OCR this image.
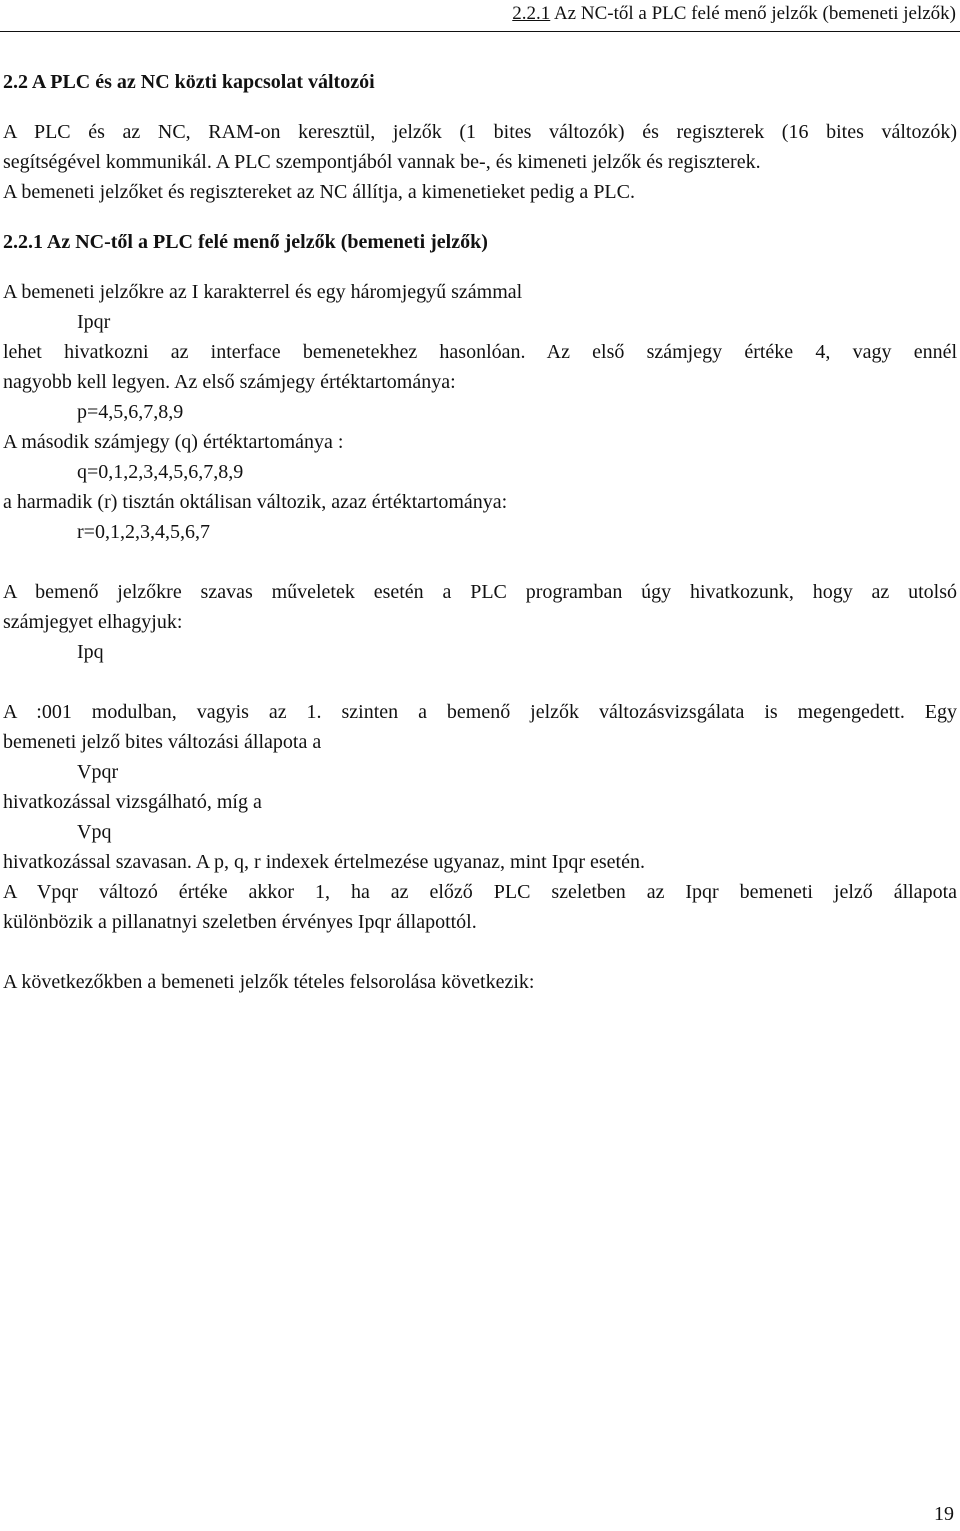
2.2.1 Az NC-től a PLC felé menő jelzők (bemeneti jelzők)
2.2 A PLC és az NC közti kapcsolat változói

A PLC és az NC, RAM-on keresztül, jelzők (1 bites változók) és regiszterek (16 bites változók)

segítségével kommunikál. A PLC szempontjából vannak be-, és kimeneti jelzők és regiszterek.

A bemeneti jelzőket és regisztereket az NC állítja, a kimenetieket pedig a PLC.

2.2.1 Az NC-től a PLC felé menő jelzők (bemeneti jelzők)

A bemeneti jelzőkre az I karakterrel és egy háromjegyű számmal

Ipqr

lehet hivatkozni az interface bemenetekhez hasonlóan. Az első számjegy értéke 4, vagy ennél

nagyobb kell legyen. Az első számjegy értéktartománya:

p=4,5,6,7,8,9

A második számjegy (q) értéktartománya :

q=0,1,2,3,4,5,6,7,8,9

a harmadik (r) tisztán oktálisan változik, azaz értéktartománya:

r=0,1,2,3,4,5,6,7

A bemenő jelzőkre szavas műveletek esetén a PLC programban úgy hivatkozunk, hogy az utolsó

számjegyet elhagyjuk:

Ipq

A :001 modulban, vagyis az 1. szinten a bemenő jelzők változásvizsgálata is megengedett. Egy

bemeneti jelző bites változási állapota a

Vpqr

hivatkozással vizsgálható, míg a

Vpq

hivatkozással szavasan. A p, q, r indexek értelmezése ugyanaz, mint Ipqr esetén.

A Vpqr változó értéke akkor 1, ha az előző PLC szeletben az Ipqr bemeneti jelző állapota

különbözik a pillanatnyi szeletben érvényes Ipqr állapottól.

A következőkben a bemeneti jelzők tételes felsorolása következik:

19
